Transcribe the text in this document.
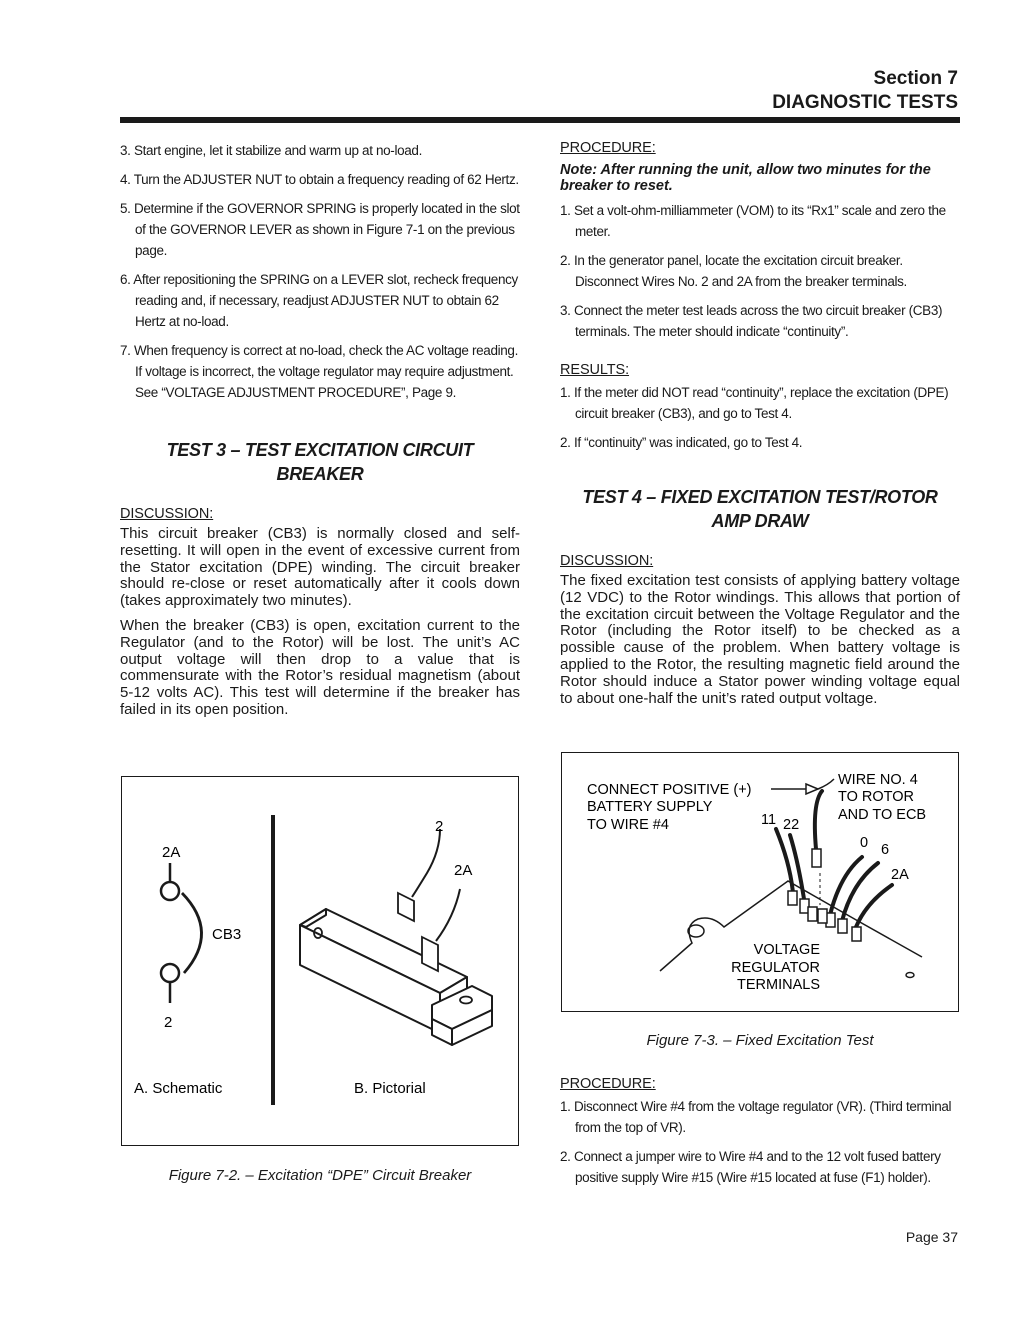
Section 7
DIAGNOSTIC TESTS
3. Start engine, let it stabilize and warm up at no-load.
4. Turn the ADJUSTER NUT to obtain a frequency reading of 62 Hertz.
5. Determine if the GOVERNOR SPRING is properly located in the slot of the GOVERNOR LEVER as shown in Figure 7-1 on the previous page.
6. After repositioning the SPRING on a LEVER slot, recheck frequency reading and, if necessary, readjust ADJUSTER NUT to obtain 62 Hertz at no-load.
7. When frequency is correct at no-load, check the AC voltage reading. If voltage is incorrect, the voltage regulator may require adjustment. See “VOLTAGE ADJUSTMENT PROCEDURE”, Page 9.
TEST 3 – TEST EXCITATION CIRCUIT
BREAKER
DISCUSSION:

This circuit breaker (CB3) is normally closed and self-resetting. It will open in the event of excessive current from the Stator excitation (DPE) winding. The circuit breaker should re-close or reset automatically after it cools down (takes approximately two minutes).

When the breaker (CB3) is open, excitation current to the Regulator (and to the Rotor) will be lost. The unit’s AC output voltage will then drop to a value that is commensurate with the Rotor’s residual magnetism (about 5-12 volts AC). This test will determine if the breaker has failed in its open position.

2A
CB3
2
2
2A
A. Schematic	B. Pictorial
Figure 7-2. – Excitation “DPE” Circuit Breaker
PROCEDURE:

Note: After running the unit, allow two minutes for the breaker to reset.

1. Set a volt-ohm-milliammeter (VOM) to its “Rx1” scale and zero the meter.
2. In the generator panel, locate the excitation circuit breaker. Disconnect Wires No. 2 and 2A from the breaker terminals.
3. Connect the meter test leads across the two circuit breaker (CB3) terminals. The meter should indicate “continuity”.
RESULTS:
1. If the meter did NOT read “continuity”, replace the excitation (DPE) circuit breaker (CB3), and go to Test 4.
2. If “continuity” was indicated, go to Test 4.
TEST 4 – FIXED EXCITATION TEST/ROTOR
AMP DRAW
DISCUSSION:

The fixed excitation test consists of applying battery voltage (12 VDC) to the Rotor windings. This allows that portion of the excitation circuit between the Voltage Regulator and the Rotor (including the Rotor itself) to be checked as a possible cause of the problem. When battery voltage is applied to the Rotor, the resulting magnetic field around the Rotor should induce a Stator power winding voltage equal to about one-half the unit’s rated output voltage.

CONNECT POSITIVE (+)
BATTERY SUPPLY
TO WIRE #4
WIRE NO. 4
TO ROTOR
AND TO ECB
11 22
0 6
2A
VOLTAGE
REGULATOR
TERMINALS
Figure 7-3. – Fixed Excitation Test
PROCEDURE:
1. Disconnect Wire #4 from the voltage regulator (VR). (Third terminal from the top of VR).
2. Connect a jumper wire to Wire #4 and to the 12 volt fused battery positive supply Wire #15 (Wire #15 located at fuse (F1) holder).
Page 37
